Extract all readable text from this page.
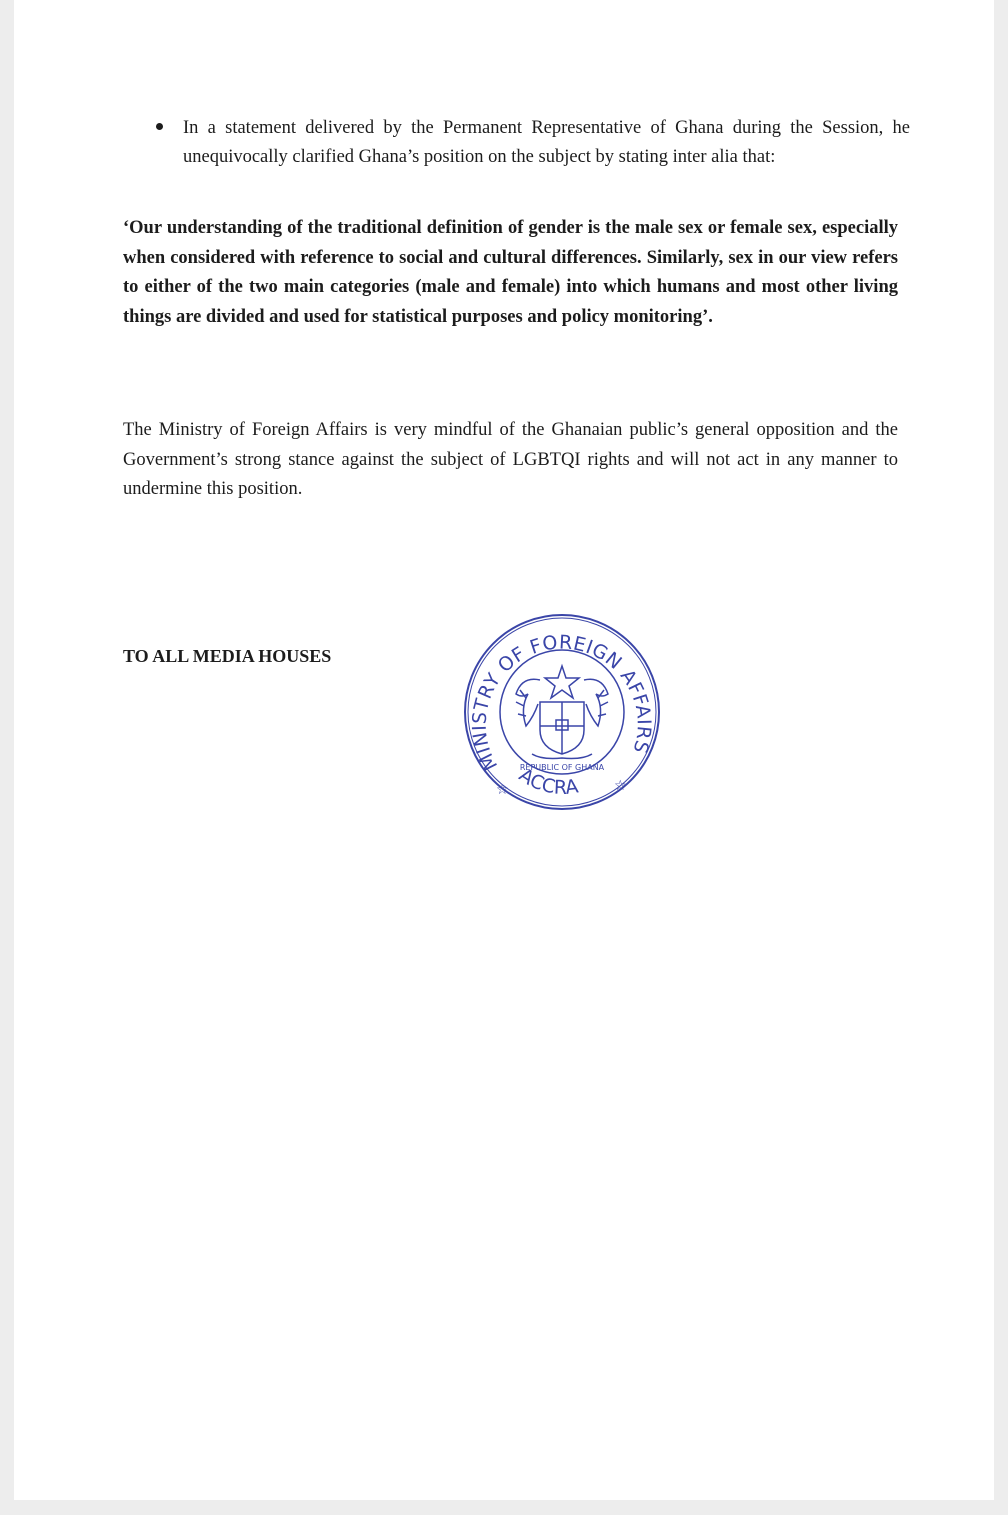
In a statement delivered by the Permanent Representative of Ghana during the Session, he unequivocally clarified Ghana’s position on the subject by stating inter alia that:
‘Our understanding of the traditional definition of gender is the male sex or female sex, especially when considered with reference to social and cultural differences. Similarly, sex in our view refers to either of the two main categories (male and female) into which humans and most other living things are divided and used for statistical purposes and policy monitoring’.
The Ministry of Foreign Affairs is very mindful of the Ghanaian public’s general opposition and the Government’s strong stance against the subject of LGBTQI rights and will not act in any manner to undermine this position.
TO ALL MEDIA HOUSES
MINISTRY OF FOREIGN AFFAIRS
ACCRA
☆	☆
REPUBLIC OF GHANA
